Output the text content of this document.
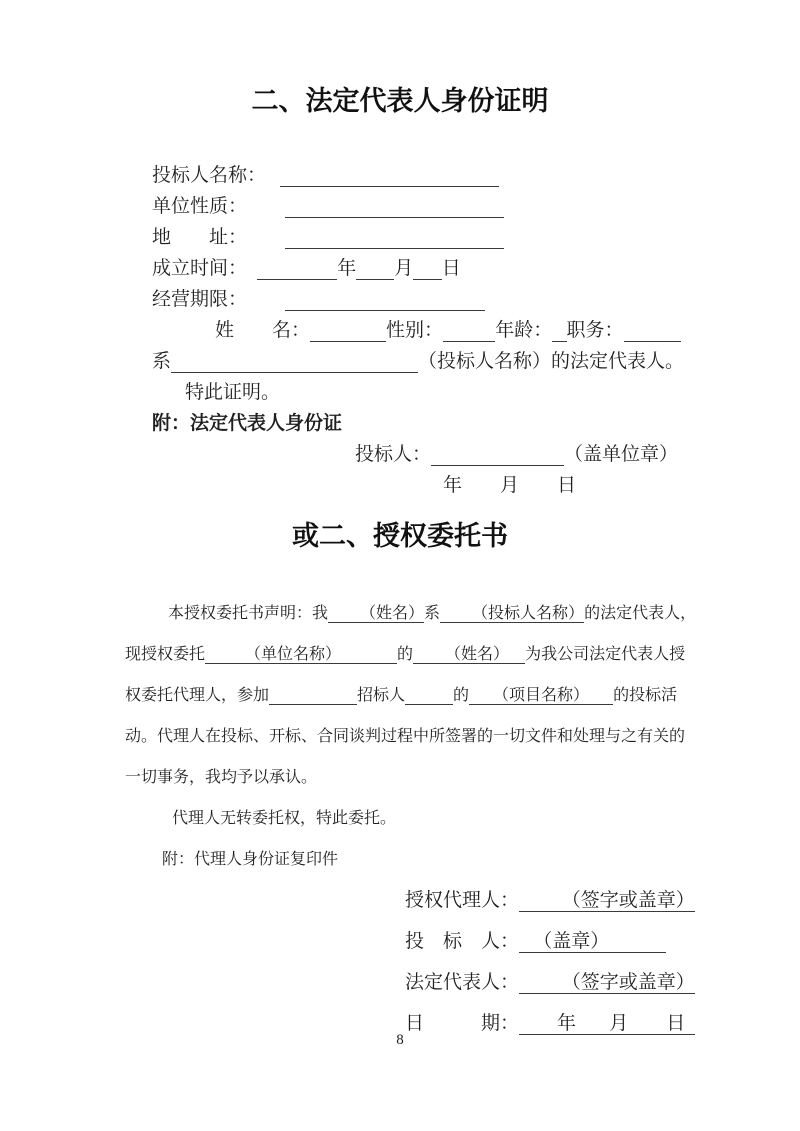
二、法定代表人身份证明
投标人名称：
单位性质：
地　　址：
成立时间：	年 月 日
经营期限：
姓　　名：	性别：	年龄： 职务：
系	（投标人名称）的法定代表人。
特此证明。
附：法定代表人身份证
投标人：	（盖单位章）
年　　月　　日
或二、授权委托书
本授权委托书声明：我        （姓名）系        （投标人名称）的法定代表人，
现授权委托          （单位名称）              的        （姓名）    为我公司法定代表人授
权委托代理人，参加	招标人	的      （项目名称）      的投标活
动。代理人在投标、开标、合同谈判过程中所签署的一切文件和处理与之有关的
一切事务，我均予以承认。
代理人无转委托权，特此委托。
附：代理人身份证复印件
授权代理人：         （签字或盖章）
投　标　人：   （盖章）
法定代表人：         （签字或盖章）
日　　　期：        年       月        日
8
